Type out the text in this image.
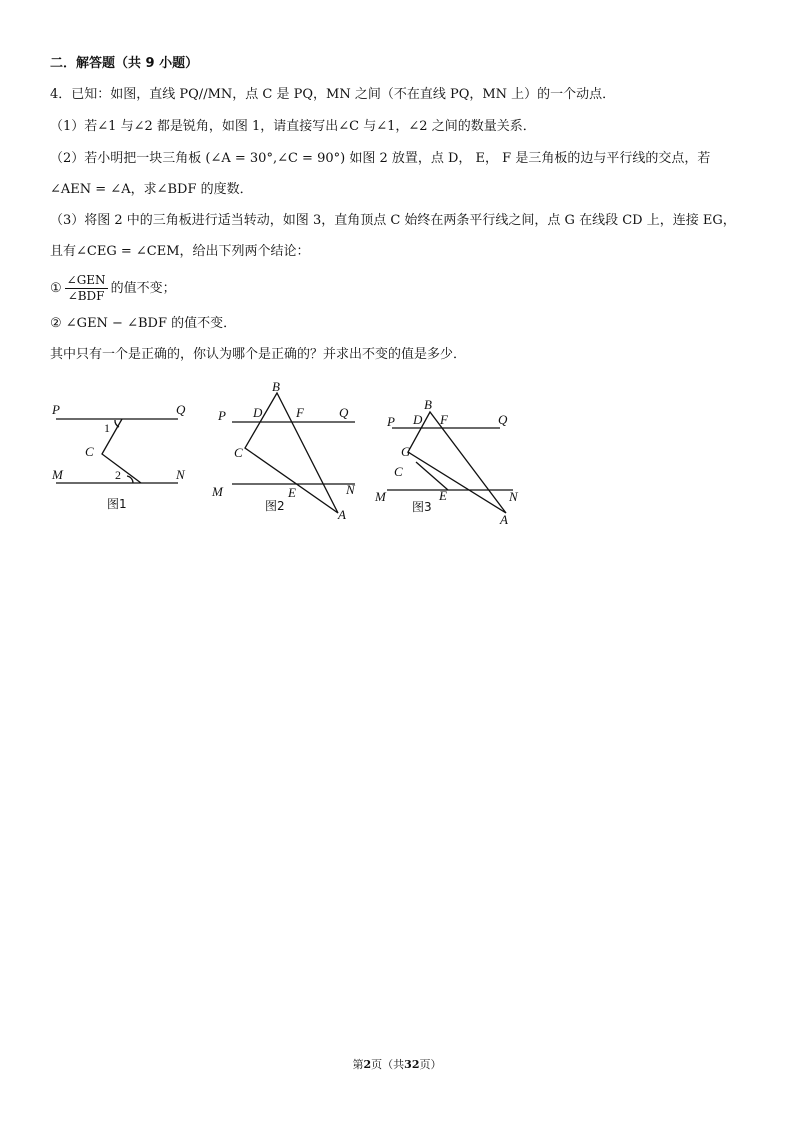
二．解答题（共 9 小题）
4．已知：如图，直线 PQ//MN，点 C 是 PQ，MN 之间（不在直线 PQ，MN 上）的一个动点．
（1）若∠1 与∠2 都是锐角，如图 1，请直接写出∠C 与∠1，∠2 之间的数量关系．
（2）若小明把一块三角板 (∠A = 30°,∠C = 90°) 如图 2 放置，点 D， E， F 是三角板的边与平行线的交点，若
∠AEN = ∠A，求∠BDF 的度数．
（3）将图 2 中的三角板进行适当转动，如图 3，直角顶点 C 始终在两条平行线之间，点 G 在线段 CD 上，连接 EG，
且有∠CEG = ∠CEM，给出下列两个结论：
① $\frac{\text{∠GEN}}{\text{∠BDF}}$ 的值不变；
② ∠GEN − ∠BDF 的值不变．
其中只有一个是正确的，你认为哪个是正确的？并求出不变的值是多少．
P	Q
M	N
C
1
2
图1
B
P D	F	Q
C
M	E	N
A
图2
B
P D F	Q
G
C
M	E	N
A
图3
第2页（共32页）
